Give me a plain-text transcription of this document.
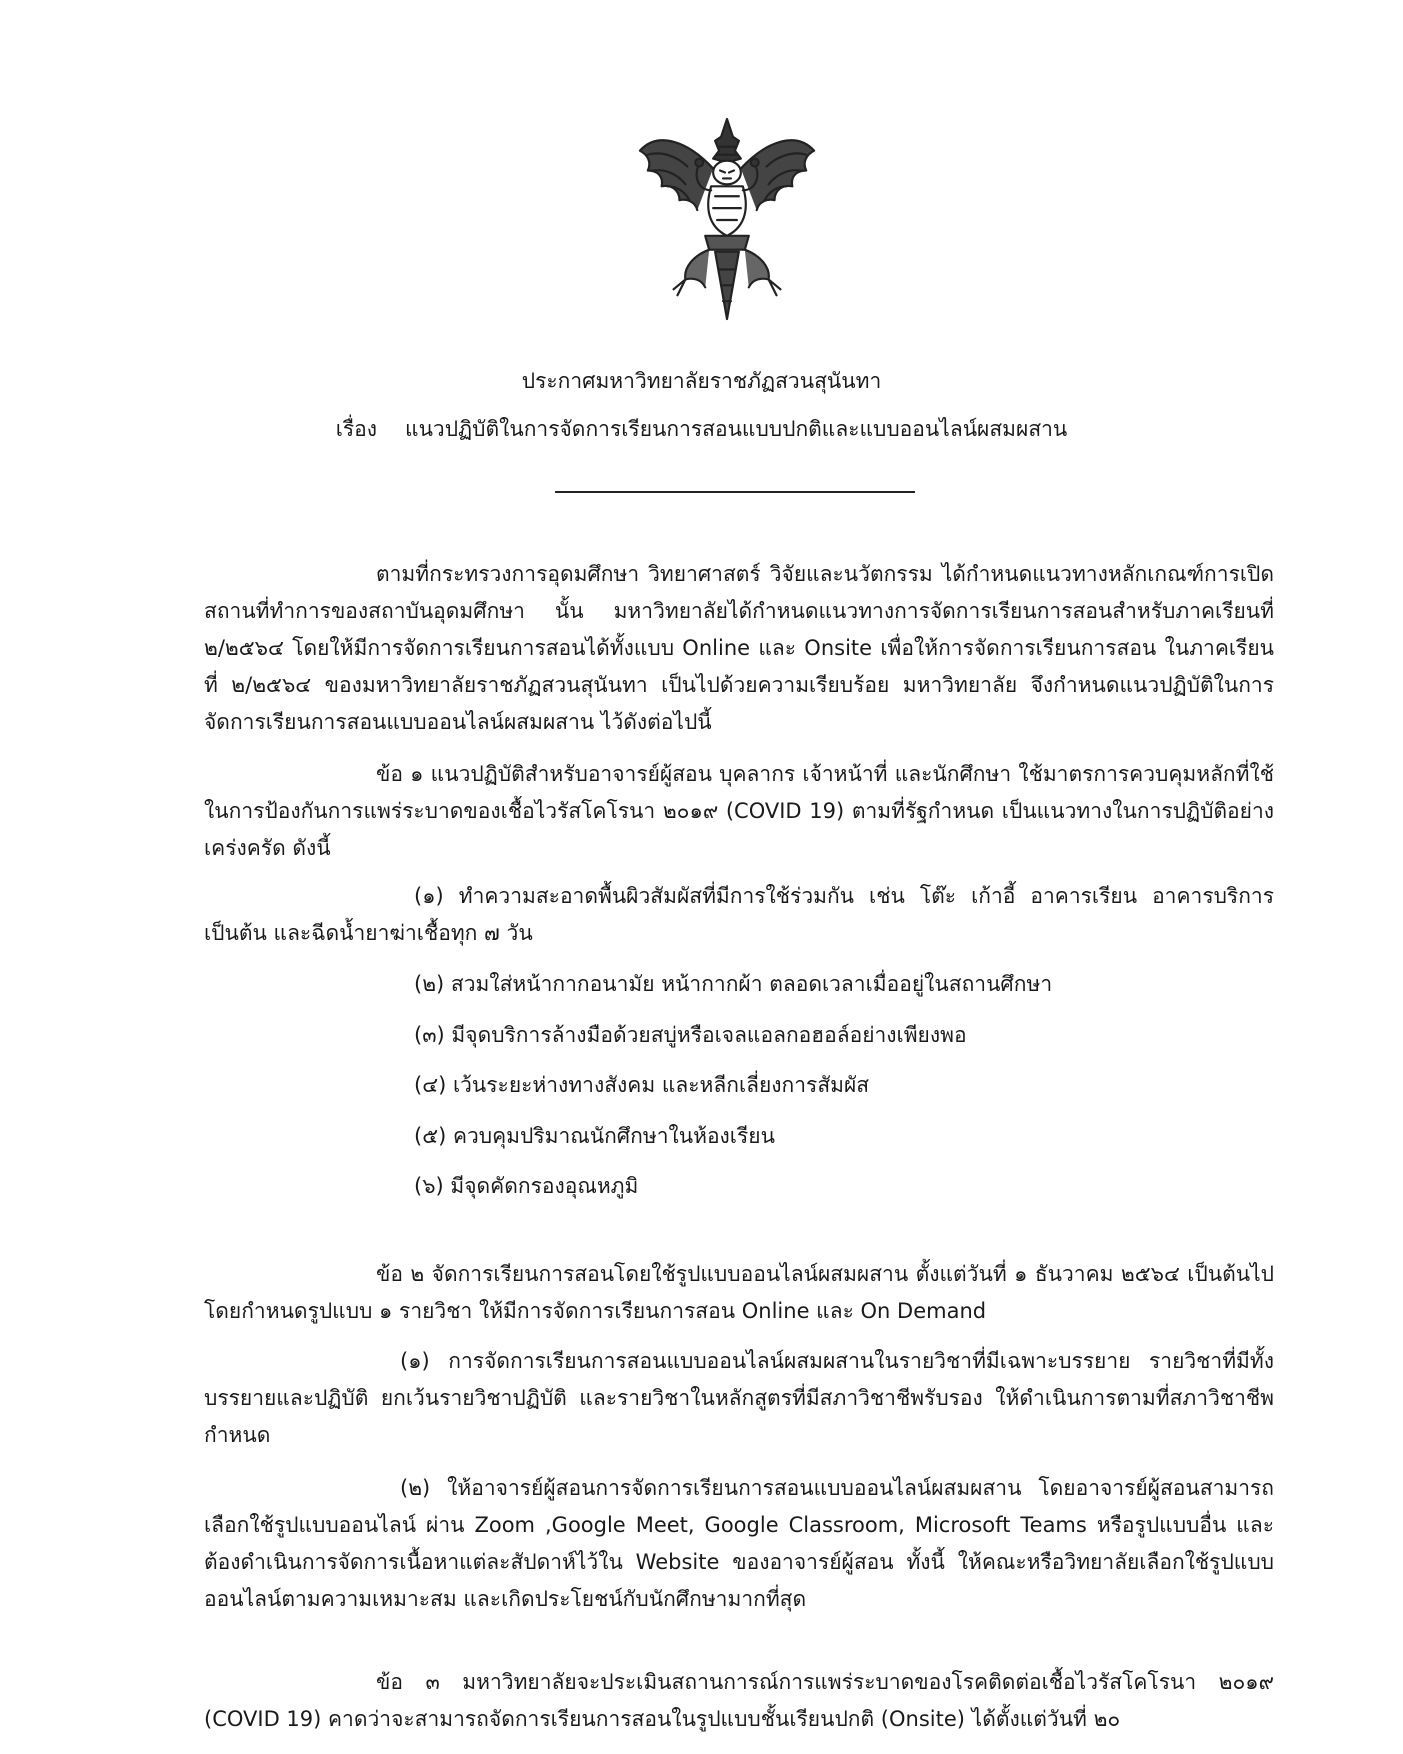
ประกาศมหาวิทยาลัยราชภัฏสวนสุนันทา
เรื่อง แนวปฏิบัติในการจัดการเรียนการสอนแบบปกติและแบบออนไลน์ผสมผสาน

ตามที่กระทรวงการอุดมศึกษา วิทยาศาสตร์ วิจัยและนวัตกรรม ได้กำหนดแนวทางหลักเกณฑ์การเปิดสถานที่ทำการของสถาบันอุดมศึกษา นั้น มหาวิทยาลัยได้กำหนดแนวทางการจัดการเรียนการสอนสำหรับภาคเรียนที่ ๒/๒๕๖๔ โดยให้มีการจัดการเรียนการสอนได้ทั้งแบบ Online และ Onsite เพื่อให้การจัดการเรียนการสอน ในภาคเรียนที่ ๒/๒๕๖๔ ของมหาวิทยาลัยราชภัฏสวนสุนันทา เป็นไปด้วยความเรียบร้อย มหาวิทยาลัย จึงกำหนดแนวปฏิบัติในการจัดการเรียนการสอนแบบออนไลน์ผสมผสาน ไว้ดังต่อไปนี้

ข้อ ๑ แนวปฏิบัติสำหรับอาจารย์ผู้สอน บุคลากร เจ้าหน้าที่ และนักศึกษา ใช้มาตรการควบคุมหลักที่ใช้ในการป้องกันการแพร่ระบาดของเชื้อไวรัสโคโรนา ๒๐๑๙ (COVID 19) ตามที่รัฐกำหนด เป็นแนวทางในการปฏิบัติอย่างเคร่งครัด ดังนี้

(๑) ทำความสะอาดพื้นผิวสัมผัสที่มีการใช้ร่วมกัน เช่น โต๊ะ เก้าอี้ อาคารเรียน อาคารบริการ เป็นต้น และฉีดน้ำยาฆ่าเชื้อทุก ๗ วัน

(๒) สวมใส่หน้ากากอนามัย หน้ากากผ้า ตลอดเวลาเมื่ออยู่ในสถานศึกษา

(๓) มีจุดบริการล้างมือด้วยสบู่หรือเจลแอลกอฮอล์อย่างเพียงพอ

(๔) เว้นระยะห่างทางสังคม และหลีกเลี่ยงการสัมผัส

(๕) ควบคุมปริมาณนักศึกษาในห้องเรียน

(๖) มีจุดคัดกรองอุณหภูมิ

ข้อ ๒ จัดการเรียนการสอนโดยใช้รูปแบบออนไลน์ผสมผสาน ตั้งแต่วันที่ ๑ ธันวาคม ๒๕๖๔ เป็นต้นไป โดยกำหนดรูปแบบ ๑ รายวิชา ให้มีการจัดการเรียนการสอน Online และ On Demand

(๑) การจัดการเรียนการสอนแบบออนไลน์ผสมผสานในรายวิชาที่มีเฉพาะบรรยาย รายวิชาที่มีทั้งบรรยายและปฏิบัติ ยกเว้นรายวิชาปฏิบัติ และรายวิชาในหลักสูตรที่มีสภาวิชาชีพรับรอง ให้ดำเนินการตามที่สภาวิชาชีพกำหนด

(๒) ให้อาจารย์ผู้สอนการจัดการเรียนการสอนแบบออนไลน์ผสมผสาน โดยอาจารย์ผู้สอนสามารถเลือกใช้รูปแบบออนไลน์ ผ่าน Zoom ,Google Meet, Google Classroom, Microsoft Teams หรือรูปแบบอื่น และต้องดำเนินการจัดการเนื้อหาแต่ละสัปดาห์ไว้ใน Website ของอาจารย์ผู้สอน ทั้งนี้ ให้คณะหรือวิทยาลัยเลือกใช้รูปแบบออนไลน์ตามความเหมาะสม และเกิดประโยชน์กับนักศึกษามากที่สุด

ข้อ ๓ มหาวิทยาลัยจะประเมินสถานการณ์การแพร่ระบาดของโรคติดต่อเชื้อไวรัสโคโรนา ๒๐๑๙ (COVID 19) คาดว่าจะสามารถจัดการเรียนการสอนในรูปแบบชั้นเรียนปกติ (Onsite) ได้ตั้งแต่วันที่ ๒๐
